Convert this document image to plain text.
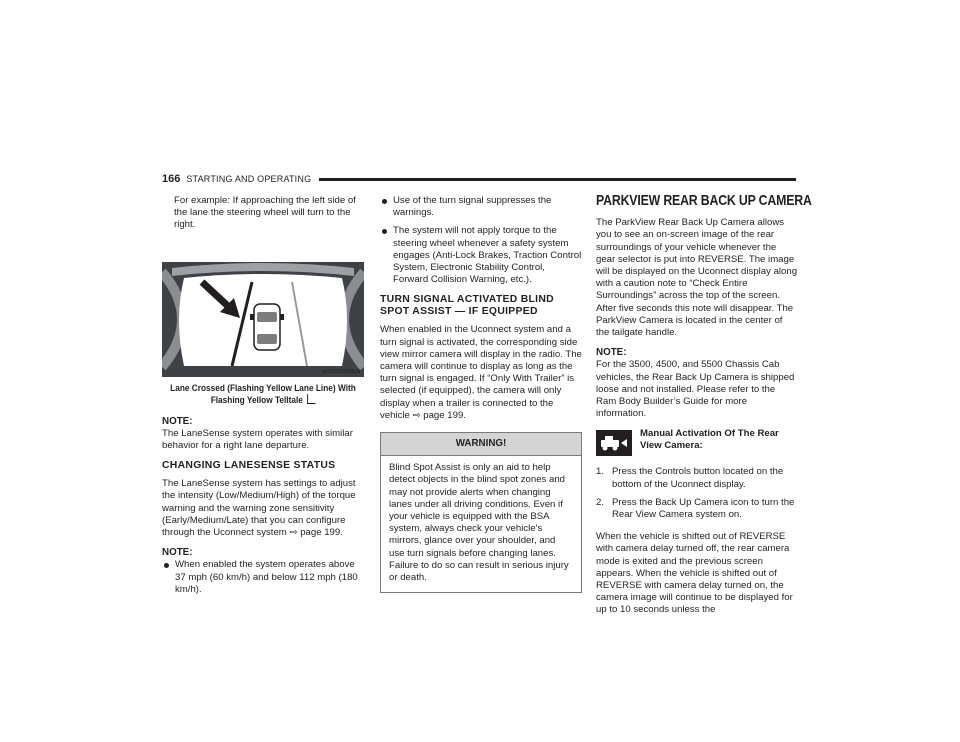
166 STARTING AND OPERATING

For example: If approaching the left side of the lane the steering wheel will turn to the right.

A0621000089US
Lane Crossed (Flashing Yellow Lane Line) With Flashing Yellow Telltale
NOTE:

The LaneSense system operates with similar behavior for a right lane departure.

CHANGING LANESENSE STATUS

The LaneSense system has settings to adjust the intensity (Low/Medium/High) of the torque warning and the warning zone sensitivity (Early/Medium/Late) that you can configure through the Uconnect system ⇨ page 199.

NOTE:
When enabled the system operates above 37 mph (60 km/h) and below 112 mph (180 km/h).
Use of the turn signal suppresses the warnings.
The system will not apply torque to the steering wheel whenever a safety system engages (Anti-Lock Brakes, Traction Control System, Electronic Stability Control, Forward Collision Warning, etc.).
TURN SIGNAL ACTIVATED BLIND SPOT ASSIST — IF EQUIPPED

When enabled in the Uconnect system and a turn signal is activated, the corresponding side view mirror camera will display in the radio. The camera will continue to display as long as the turn signal is engaged. If “Only With Trailer” is selected (if equipped), the camera will only display when a trailer is connected to the vehicle ⇨ page 199.

WARNING!
Blind Spot Assist is only an aid to help detect objects in the blind spot zones and may not provide alerts when changing lanes under all driving conditions. Even if your vehicle is equipped with the BSA system, always check your vehicle's mirrors, glance over your shoulder, and use turn signals before changing lanes. Failure to do so can result in serious injury or death.
PARKVIEW REAR BACK UP CAMERA

The ParkView Rear Back Up Camera allows you to see an on-screen image of the rear surroundings of your vehicle whenever the gear selector is put into REVERSE. The image will be displayed on the Uconnect display along with a caution note to “Check Entire Surroundings” across the top of the screen. After five seconds this note will disappear. The ParkView Camera is located in the center of the tailgate handle.

NOTE:

For the 3500, 4500, and 5500 Chassis Cab vehicles, the Rear Back Up Camera is shipped loose and not installed. Please refer to the Ram Body Builder’s Guide for more information.

Manual Activation Of The Rear View Camera:
1. Press the Controls button located on the bottom of the Uconnect display.
2. Press the Back Up Camera icon to turn the Rear View Camera system on.

When the vehicle is shifted out of REVERSE with camera delay turned off, the rear camera mode is exited and the previous screen appears. When the vehicle is shifted out of REVERSE with camera delay turned on, the camera image will continue to be displayed for up to 10 seconds unless the
